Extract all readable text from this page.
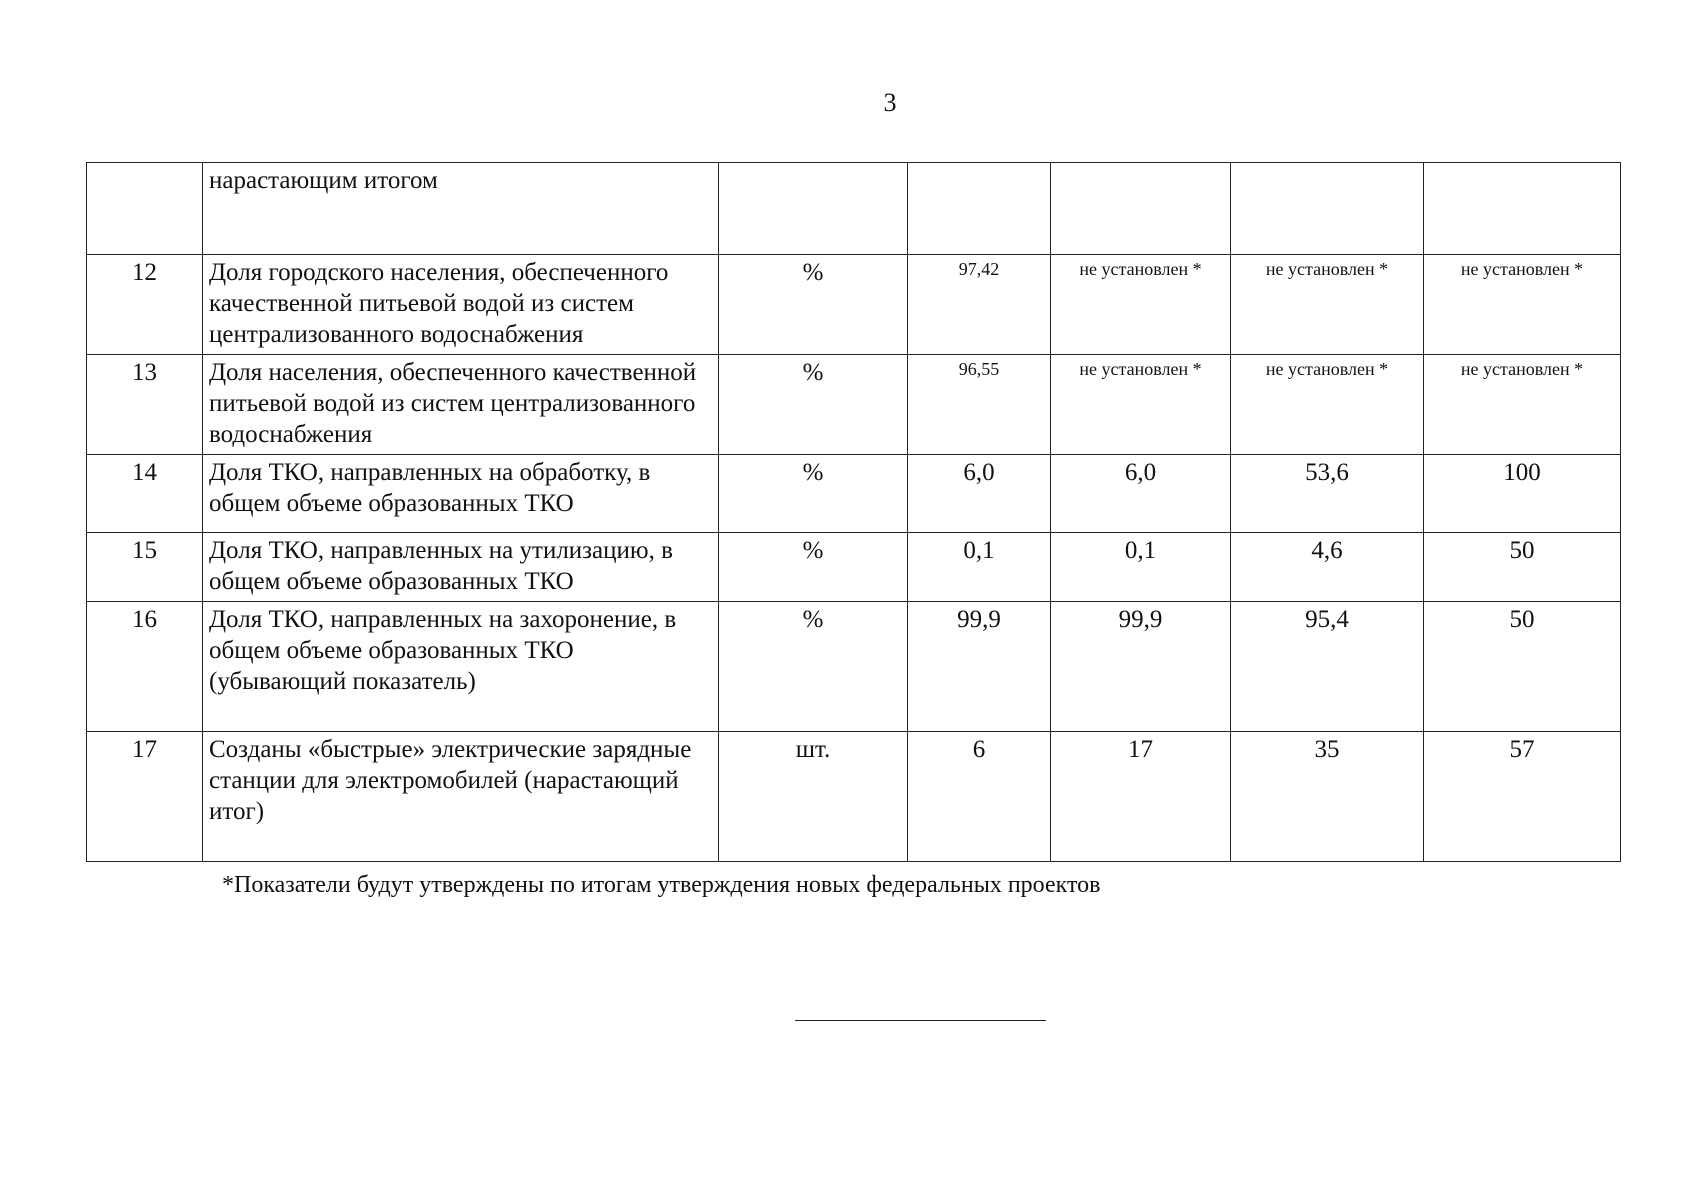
3
	нарастающим итогом					
12	Доля городского населения, обеспеченного качественной питьевой водой из систем централизованного водоснабжения	%	97,42	не установлен *	не установлен *	не установлен *
13	Доля населения, обеспеченного качественной питьевой водой из систем централизованного водоснабжения	%	96,55	не установлен *	не установлен *	не установлен *
14	Доля ТКО, направленных на обработку, в общем объеме образованных ТКО	%	6,0	6,0	53,6	100
15	Доля ТКО, направленных на утилизацию, в общем объеме образованных ТКО	%	0,1	0,1	4,6	50
16	Доля ТКО, направленных на захоронение, в общем объеме образованных ТКО (убывающий показатель)	%	99,9	99,9	95,4	50
17	Созданы «быстрые» электрические зарядные станции для электромобилей (нарастающий итог)	шт.	6	17	35	57
*Показатели будут утверждены по итогам утверждения новых федеральных проектов
